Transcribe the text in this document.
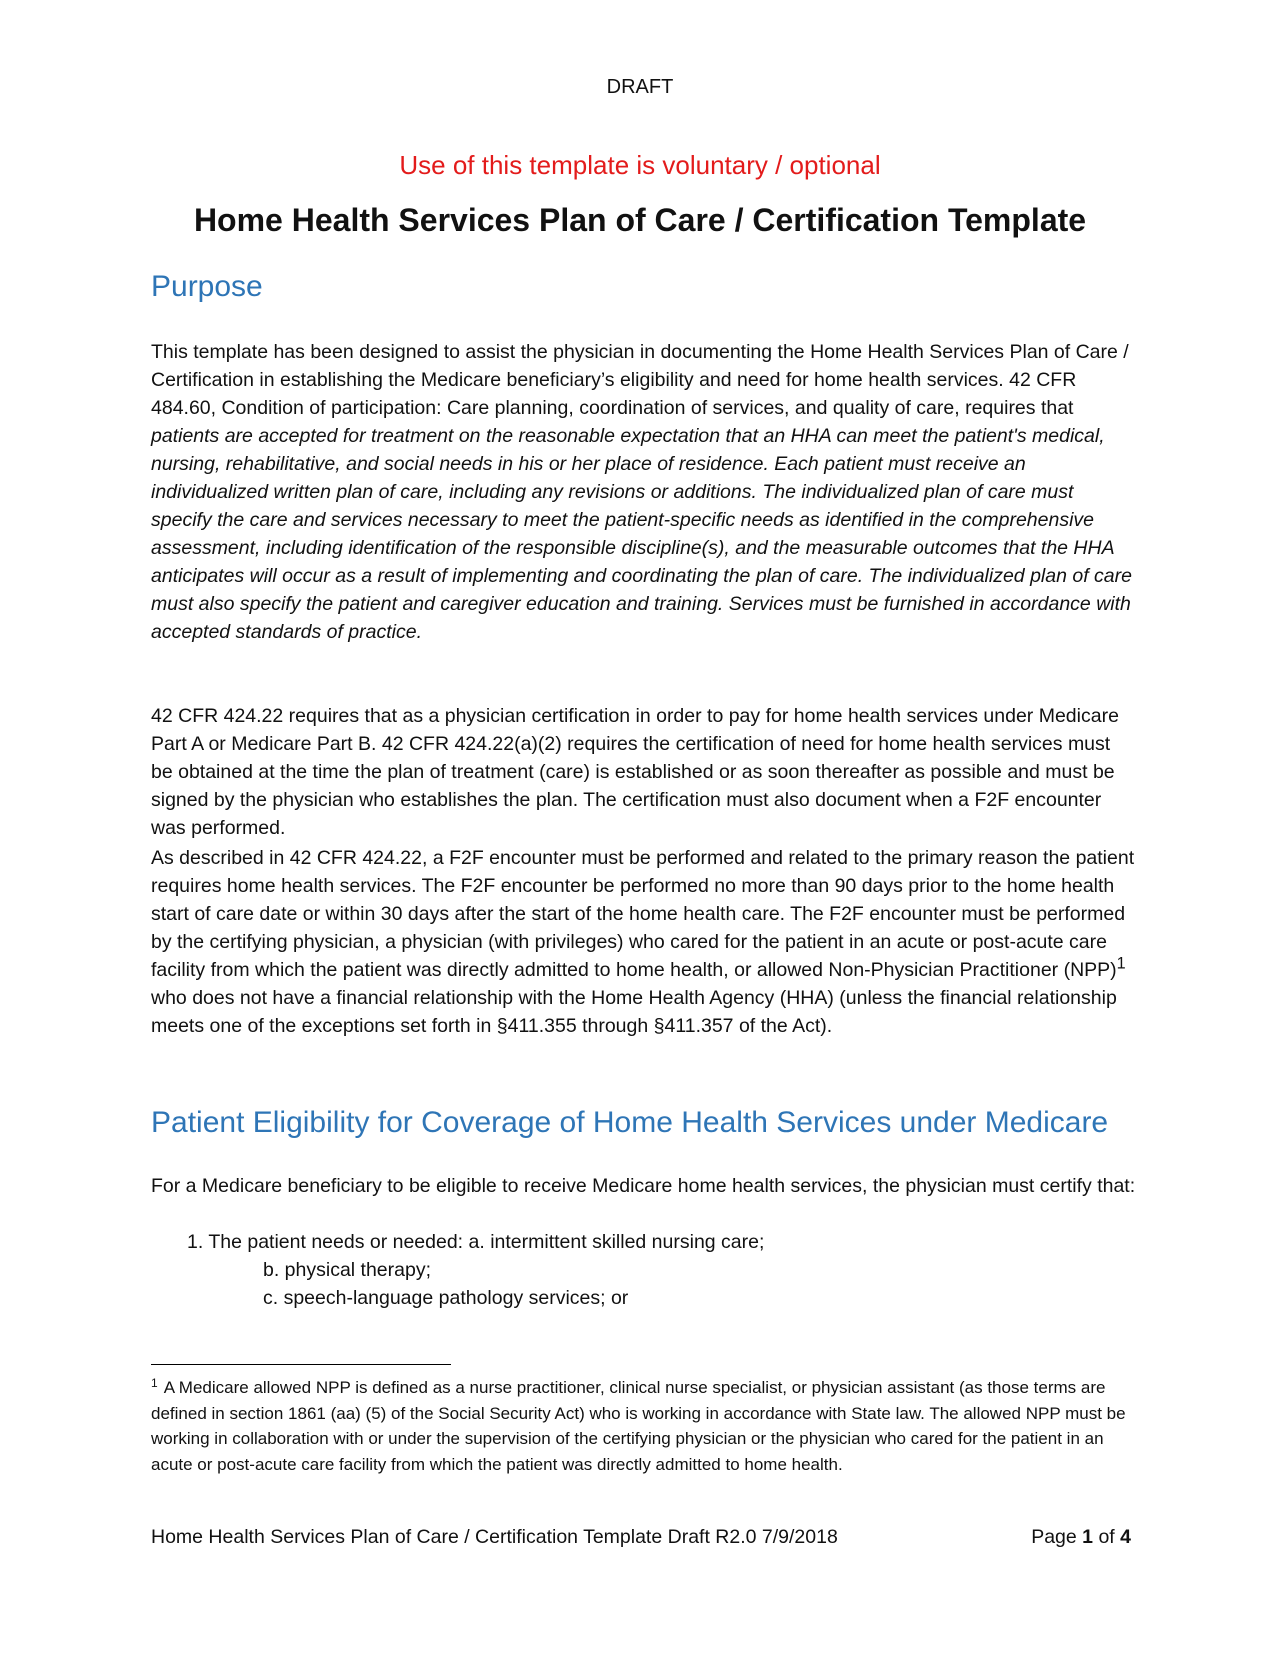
DRAFT
Use of this template is voluntary / optional
Home Health Services Plan of Care / Certification Template
Purpose

This template has been designed to assist the physician in documenting the Home Health Services Plan of Care / Certification in establishing the Medicare beneficiary’s eligibility and need for home health services. 42 CFR 484.60, Condition of participation: Care planning, coordination of services, and quality of care, requires that patients are accepted for treatment on the reasonable expectation that an HHA can meet the patient's medical, nursing, rehabilitative, and social needs in his or her place of residence. Each patient must receive an individualized written plan of care, including any revisions or additions. The individualized plan of care must specify the care and services necessary to meet the patient-specific needs as identified in the comprehensive assessment, including identification of the responsible discipline(s), and the measurable outcomes that the HHA anticipates will occur as a result of implementing and coordinating the plan of care. The individualized plan of care must also specify the patient and caregiver education and training. Services must be furnished in accordance with accepted standards of practice.

42 CFR 424.22 requires that as a physician certification in order to pay for home health services under Medicare Part A or Medicare Part B. 42 CFR 424.22(a)(2) requires the certification of need for home health services must be obtained at the time the plan of treatment (care) is established or as soon thereafter as possible and must be signed by the physician who establishes the plan. The certification must also document when a F2F encounter was performed.

As described in 42 CFR 424.22, a F2F encounter must be performed and related to the primary reason the patient requires home health services. The F2F encounter be performed no more than 90 days prior to the home health start of care date or within 30 days after the start of the home health care. The F2F encounter must be performed by the certifying physician, a physician (with privileges) who cared for the patient in an acute or post-acute care facility from which the patient was directly admitted to home health, or allowed Non-Physician Practitioner (NPP)$^1$ who does not have a financial relationship with the Home Health Agency (HHA) (unless the financial relationship meets one of the exceptions set forth in §411.355 through §411.357 of the Act).

Patient Eligibility for Coverage of Home Health Services under Medicare
For a Medicare beneficiary to be eligible to receive Medicare home health services, the physician must certify that:
1. The patient needs or needed: a. intermittent skilled nursing care;
b. physical therapy;
c. speech-language pathology services; or
$^1$ A Medicare allowed NPP is defined as a nurse practitioner, clinical nurse specialist, or physician assistant (as those terms are defined in section 1861 (aa) (5) of the Social Security Act) who is working in accordance with State law. The allowed NPP must be working in collaboration with or under the supervision of the certifying physician or the physician who cared for the patient in an acute or post-acute care facility from which the patient was directly admitted to home health.
Home Health Services Plan of Care / Certification Template Draft R2.0 7/9/2018	Page 1 of 4
